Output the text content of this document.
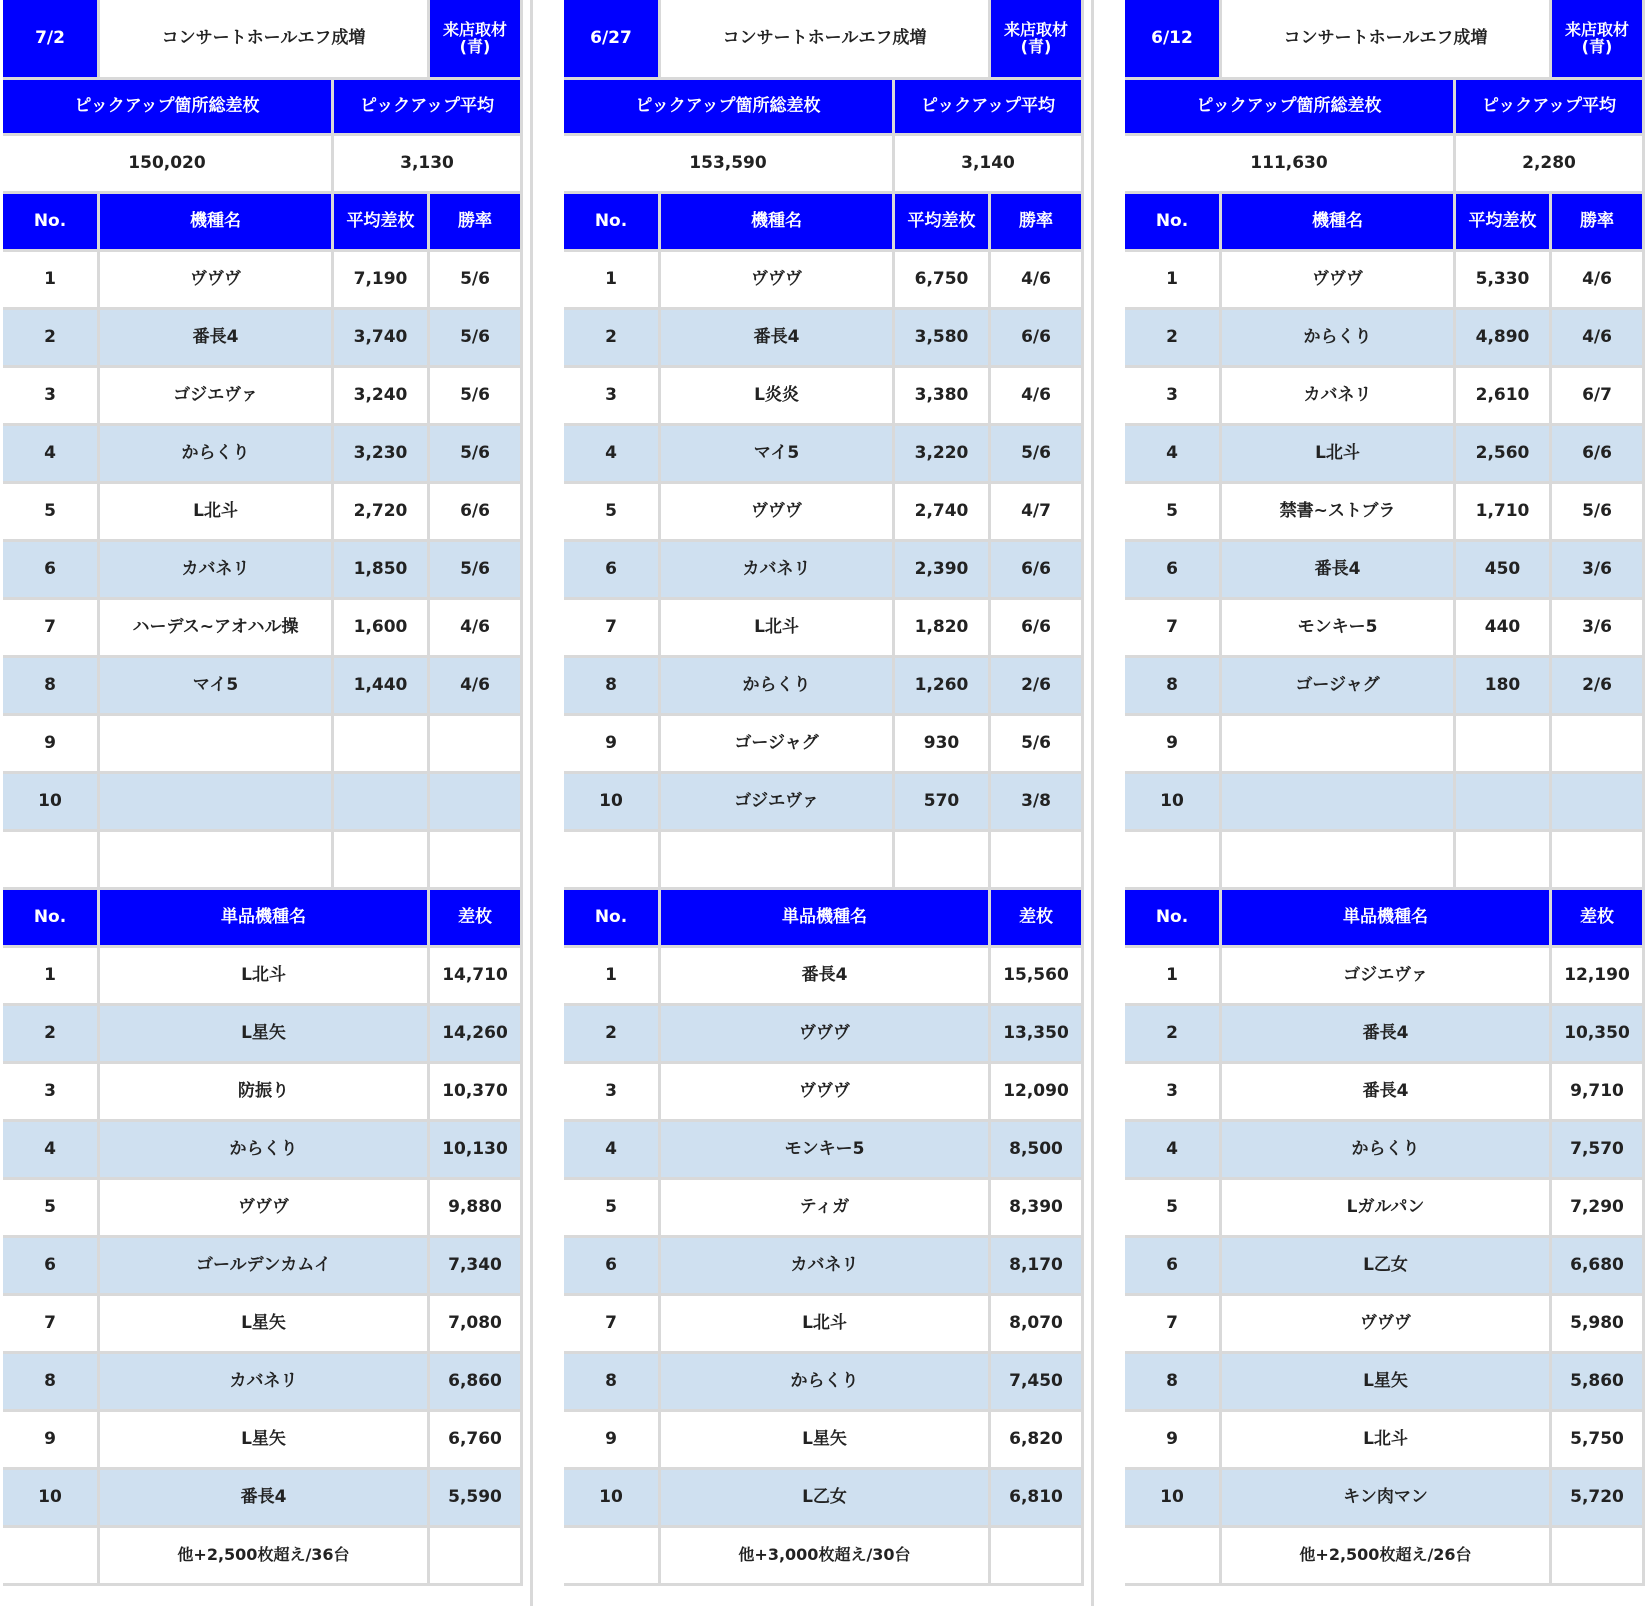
7/2	コンサートホールエフ成増	来店取材
(青)
ピックアップ箇所総差枚	ピックアップ平均
150,020	3,130
No.	機種名	平均差枚	勝率
1	ヴヴヴ	7,190	5/6
2	番長4	3,740	5/6
3	ゴジエヴァ	3,240	5/6
4	からくり	3,230	5/6
5	L北斗	2,720	6/6
6	カバネリ	1,850	5/6
7	ハーデス~アオハル操	1,600	4/6
8	マイ5	1,440	4/6
9
10
No.	単品機種名	差枚
1	L北斗	14,710
2	L星矢	14,260
3	防振り	10,370
4	からくり	10,130
5	ヴヴヴ	9,880
6	ゴールデンカムイ	7,340
7	L星矢	7,080
8	カバネリ	6,860
9	L星矢	6,760
10	番長4	5,590
他+2,500枚超え/36台
6/27	コンサートホールエフ成増	来店取材
(青)
ピックアップ箇所総差枚	ピックアップ平均
153,590	3,140
No.	機種名	平均差枚	勝率
1	ヴヴヴ	6,750	4/6
2	番長4	3,580	6/6
3	L炎炎	3,380	4/6
4	マイ5	3,220	5/6
5	ヴヴヴ	2,740	4/7
6	カバネリ	2,390	6/6
7	L北斗	1,820	6/6
8	からくり	1,260	2/6
9	ゴージャグ	930	5/6
10	ゴジエヴァ	570	3/8
No.	単品機種名	差枚
1	番長4	15,560
2	ヴヴヴ	13,350
3	ヴヴヴ	12,090
4	モンキー5	8,500
5	ティガ	8,390
6	カバネリ	8,170
7	L北斗	8,070
8	からくり	7,450
9	L星矢	6,820
10	L乙女	6,810
他+3,000枚超え/30台
6/12	コンサートホールエフ成増	来店取材
(青)
ピックアップ箇所総差枚	ピックアップ平均
111,630	2,280
No.	機種名	平均差枚	勝率
1	ヴヴヴ	5,330	4/6
2	からくり	4,890	4/6
3	カバネリ	2,610	6/7
4	L北斗	2,560	6/6
5	禁書~ストブラ	1,710	5/6
6	番長4	450	3/6
7	モンキー5	440	3/6
8	ゴージャグ	180	2/6
9
10
No.	単品機種名	差枚
1	ゴジエヴァ	12,190
2	番長4	10,350
3	番長4	9,710
4	からくり	7,570
5	Lガルパン	7,290
6	L乙女	6,680
7	ヴヴヴ	5,980
8	L星矢	5,860
9	L北斗	5,750
10	キン肉マン	5,720
他+2,500枚超え/26台
